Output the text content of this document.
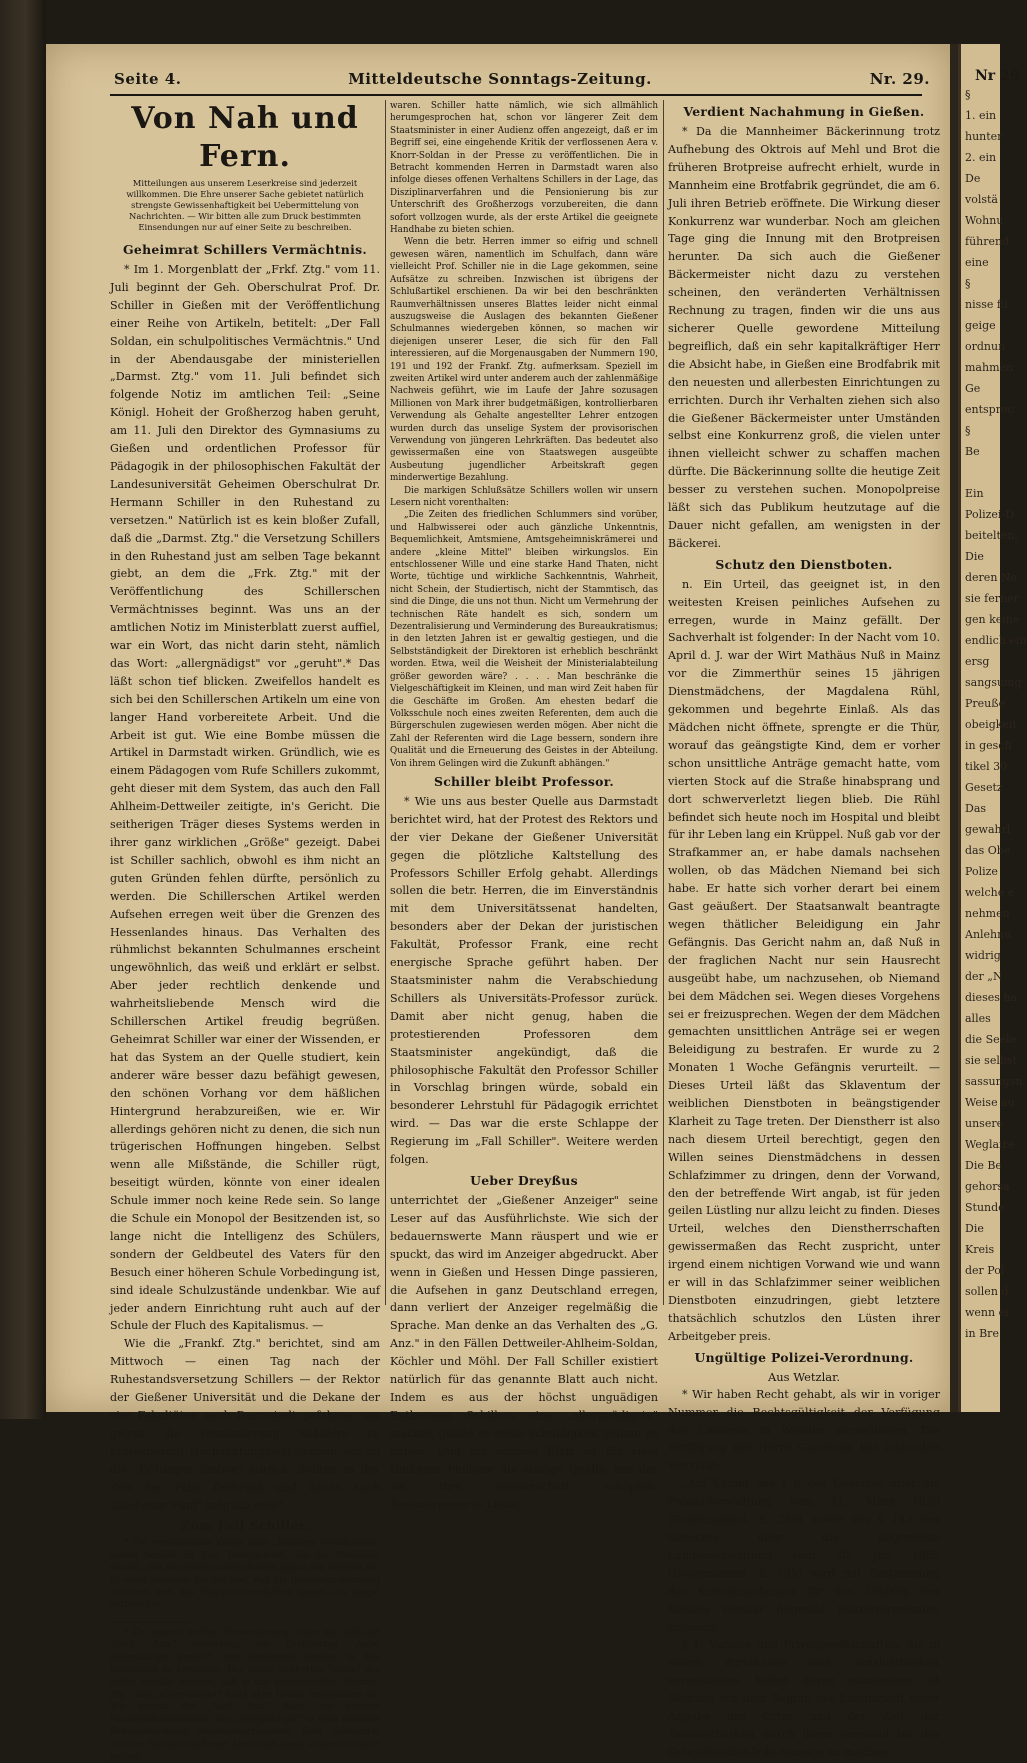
Nr 29
§
1. ein
hunter
2. ein
De
volstä
Wohnu
führend
eine
§
nisse fü
geige
ordnun
mahmen
Ge
entsprec
§
Be

Ein
Polizei-D
beitelten,
Die
deren Ne
sie ferner
gen keine
endlich ein
ersg
sangsumg
Preuße
obeigkeit
in gesch
tikel 30
Gesetz
Das
gewahrl
das Obe
Polize
welche e
nehmen
Anlehnu
widrig
der „N
dieses ha
alles
die Seele
sie selbst
sassungsn
Weise au
unsere
Weglaire
Die Be
gehorsa
Stunde
Die
Kreis
der Pol
sollen d
wenn ei
in Bre
Seite 4.	Mitteldeutsche Sonntags-Zeitung.	Nr. 29.
Von Nah und Fern.
Mitteilungen aus unserem Leserkreise sind jederzeit willkommen. Die Ehre unserer Sache gebietet natürlich strengste Gewissenhaftigkeit bei Uebermittelung von Nachrichten. — Wir bitten alle zum Druck bestimmten Einsendungen nur auf einer Seite zu beschreiben.
Geheimrat Schillers Vermächtnis.

* Im 1. Morgenblatt der „Frkf. Ztg." vom 11. Juli beginnt der Geh. Oberschulrat Prof. Dr. Schiller in Gießen mit der Veröffentlichung einer Reihe von Artikeln, betitelt: „Der Fall Soldan, ein schulpolitisches Vermächtnis." Und in der Abendausgabe der ministeriellen „Darmst. Ztg." vom 11. Juli befindet sich folgende Notiz im amtlichen Teil: „Seine Königl. Hoheit der Großherzog haben geruht, am 11. Juli den Direktor des Gymnasiums zu Gießen und ordentlichen Professor für Pädagogik in der philosophischen Fakultät der Landesuniversität Geheimen Oberschulrat Dr. Hermann Schiller in den Ruhestand zu versetzen." Natürlich ist es kein bloßer Zufall, daß die „Darmst. Ztg." die Versetzung Schillers in den Ruhestand just am selben Tage bekannt giebt, an dem die „Frk. Ztg." mit der Veröffentlichung des Schillerschen Vermächtnisses beginnt. Was uns an der amtlichen Notiz im Ministerblatt zuerst auffiel, war ein Wort, das nicht darin steht, nämlich das Wort: „allergnädigst" vor „geruht".* Das läßt schon tief blicken. Zweifellos handelt es sich bei den Schillerschen Artikeln um eine von langer Hand vorbereitete Arbeit. Und die Arbeit ist gut. Wie eine Bombe müssen die Artikel in Darmstadt wirken. Gründlich, wie es einem Pädagogen vom Rufe Schillers zukommt, geht dieser mit dem System, das auch den Fall Ahlheim-Dettweiler zeitigte, in's Gericht. Die seitherigen Träger dieses Systems werden in ihrer ganz wirklichen „Größe" gezeigt. Dabei ist Schiller sachlich, obwohl es ihm nicht an guten Gründen fehlen dürfte, persönlich zu werden. Die Schillerschen Artikel werden Aufsehen erregen weit über die Grenzen des Hessenlandes hinaus. Das Verhalten des rühmlichst bekannten Schulmannes erscheint ungewöhnlich, das weiß und erklärt er selbst. Aber jeder rechtlich denkende und wahrheitsliebende Mensch wird die Schillerschen Artikel freudig begrüßen. Geheimrat Schiller war einer der Wissenden, er hat das System an der Quelle studiert, kein anderer wäre besser dazu befähigt gewesen, den schönen Vorhang vor dem häßlichen Hintergrund herabzureißen, wie er. Wir allerdings gehören nicht zu denen, die sich nun trügerischen Hoffnungen hingeben. Selbst wenn alle Mißstände, die Schiller rügt, beseitigt würden, könnte von einer idealen Schule immer noch keine Rede sein. So lange die Schule ein Monopol der Besitzenden ist, so lange nicht die Intelligenz des Schülers, sondern der Geldbeutel des Vaters für den Besuch einer höheren Schule Vorbedingung ist, sind ideale Schulzustände undenkbar. Wie auf jeder andern Einrichtung ruht auch auf der Schule der Fluch des Kapitalismus. —

Wie die „Frankf. Ztg." berichtet, sind am Mittwoch — einen Tag nach der Ruhestandsversetzung Schillers — der Rektor der Gießener Universität und die Dekane der vier Fakultäten nach Darmstadt gefahren, um gegen die Pensionierung Schillers zu protestieren! Hochachtungsvoll denken wir an die „Göttinger Sieben" zurück. Sollten in der Zeit der Fälle Delbrück und Arons auch „Gießener Fünf" möglich sein?

Zum Fall Schiller.

* Die vorstehenden Zeilen über „Schillers Vermächtnis" waren bereits im Satz fertiggestellt, als die Neuigkeit eintraf, daß das Disziplinarverfahren gegen ihn eröffnet ist. Es steht nunmehr für uns fest, daß die Inruhestandsetzung Schillers und das Disziplinarverfahren gegen ihn längst vorbereitet

* Zu unserer großen Verwunderung sehen wir, daß der „Gieß. Anz." berichtete, der Großherzog „habe allergnädigst geruht", den Geheimrat Schiller in den Ruhestand zu versetzen. Der ganze seitherige Verlauf des Falles Schiller beweist, daß in der ministeriellen „Darmst. Ztg." das „allergnädigst" nicht ohne Grund fortgelassen ist. Wie kommt der „Gieß. Anz." dazu, aus eigener Machtvollkommenheit das „allergnädigst" in eine offizielle Bekanntmachung hineinzukorrigieren? Dem Geheimrat Schiller hat das Gießener Amtsblatt damit keinen Gefallen gethan.

waren. Schiller hatte nämlich, wie sich allmählich herumgesprochen hat, schon vor längerer Zeit dem Staatsminister in einer Audienz offen angezeigt, daß er im Begriff sei, eine eingehende Kritik der verflossenen Aera v. Knorr-Soldan in der Presse zu veröffentlichen. Die in Betracht kommenden Herren in Darmstadt waren also infolge dieses offenen Verhaltens Schillers in der Lage, das Disziplinarverfahren und die Pensionierung bis zur Unterschrift des Großherzogs vorzubereiten, die dann sofort vollzogen wurde, als der erste Artikel die geeignete Handhabe zu bieten schien.

Wenn die betr. Herren immer so eifrig und schnell gewesen wären, namentlich im Schulfach, dann wäre vielleicht Prof. Schiller nie in die Lage gekommen, seine Aufsätze zu schreiben. Inzwischen ist übrigens der Schlußartikel erschienen. Da wir bei den beschränkten Raumverhältnissen unseres Blattes leider nicht einmal auszugsweise die Auslagen des bekannten Gießener Schulmannes wiedergeben können, so machen wir diejenigen unserer Leser, die sich für den Fall interessieren, auf die Morgenausgaben der Nummern 190, 191 und 192 der Frankf. Ztg. aufmerksam. Speziell im zweiten Artikel wird unter anderem auch der zahlenmäßige Nachweis geführt, wie im Laufe der Jahre sozusagen Millionen von Mark ihrer budgetmäßigen, kontrollierbaren Verwendung als Gehalte angestellter Lehrer entzogen wurden durch das unselige System der provisorischen Verwendung von jüngeren Lehrkräften. Das bedeutet also gewissermaßen eine von Staatswegen ausgeübte Ausbeutung jugendlicher Arbeitskraft gegen minderwertige Bezahlung.

Die markigen Schlußsätze Schillers wollen wir unsern Lesern nicht vorenthalten:

„Die Zeiten des friedlichen Schlummers sind vorüber, und Halbwisserei oder auch gänzliche Unkenntnis, Bequemlichkeit, Amtsmiene, Amtsgeheimniskrämerei und andere „kleine Mittel" bleiben wirkungslos. Ein entschlossener Wille und eine starke Hand Thaten, nicht Worte, tüchtige und wirkliche Sachkenntnis, Wahrheit, nicht Schein, der Studiertisch, nicht der Stammtisch, das sind die Dinge, die uns not thun. Nicht um Vermehrung der technischen Räte handelt es sich, sondern um Dezentralisierung und Verminderung des Bureaukratismus; in den letzten Jahren ist er gewaltig gestiegen, und die Selbstständigkeit der Direktoren ist erheblich beschränkt worden. Etwa, weil die Weisheit der Ministerialabteilung größer geworden wäre? . . . . Man beschränke die Vielgeschäftigkeit im Kleinen, und man wird Zeit haben für die Geschäfte im Großen. Am ehesten bedarf die Volksschule noch eines zweiten Referenten, dem auch die Bürgerschulen zugewiesen werden mögen. Aber nicht die Zahl der Referenten wird die Lage bessern, sondern ihre Qualität und die Erneuerung des Geistes in der Abteilung. Von ihrem Gelingen wird die Zukunft abhängen."

Schiller bleibt Professor.

* Wie uns aus bester Quelle aus Darmstadt berichtet wird, hat der Protest des Rektors und der vier Dekane der Gießener Universität gegen die plötzliche Kaltstellung des Professors Schiller Erfolg gehabt. Allerdings sollen die betr. Herren, die im Einverständnis mit dem Universitätssenat handelten, besonders aber der Dekan der juristischen Fakultät, Professor Frank, eine recht energische Sprache geführt haben. Der Staatsminister nahm die Verabschiedung Schillers als Universitäts-Professor zurück. Damit aber nicht genug, haben die protestierenden Professoren dem Staatsminister angekündigt, daß die philosophische Fakultät den Professor Schiller in Vorschlag bringen würde, sobald ein besonderer Lehrstuhl für Pädagogik errichtet wird. — Das war die erste Schlappe der Regierung im „Fall Schiller". Weitere werden folgen.

Ueber Dreyßus

unterrichtet der „Gießener Anzeiger" seine Leser auf das Ausführlichste. Wie sich der bedauernswerte Mann räuspert und wie er spuckt, das wird im Anzeiger abgedruckt. Aber wenn in Gießen und Hessen Dinge passieren, die Aufsehen in ganz Deutschland erregen, dann verliert der Anzeiger regelmäßig die Sprache. Man denke an das Verhalten des „G. Anz." in den Fällen Dettweiler-Ahlheim-Soldan, Köchler und Möhl. Der Fall Schiller existiert natürlich für das genannte Blatt auch nicht. Indem es aus der höchst unguädigen Entlassung Schillers eine „allergnädigste" machte, glaubt es seine Schuldigkeit gethan zu haben. Und ein solches Blatt ist für viele Gießener Philister die einzige Quelle, aus der sie ihre Wissenschaft schöpfen. Bedauernswerte Leute.

Verdient Nachahmung in Gießen.

* Da die Mannheimer Bäckerinnung trotz Aufhebung des Oktrois auf Mehl und Brot die früheren Brotpreise aufrecht erhielt, wurde in Mannheim eine Brotfabrik gegründet, die am 6. Juli ihren Betrieb eröffnete. Die Wirkung dieser Konkurrenz war wunderbar. Noch am gleichen Tage ging die Innung mit den Brotpreisen herunter. Da sich auch die Gießener Bäckermeister nicht dazu zu verstehen scheinen, den veränderten Verhältnissen Rechnung zu tragen, finden wir die uns aus sicherer Quelle gewordene Mitteilung begreiflich, daß ein sehr kapitalkräftiger Herr die Absicht habe, in Gießen eine Brodfabrik mit den neuesten und allerbesten Einrichtungen zu errichten. Durch ihr Verhalten ziehen sich also die Gießener Bäckermeister unter Umständen selbst eine Konkurrenz groß, die vielen unter ihnen vielleicht schwer zu schaffen machen dürfte. Die Bäckerinnung sollte die heutige Zeit besser zu verstehen suchen. Monopolpreise läßt sich das Publikum heutzutage auf die Dauer nicht gefallen, am wenigsten in der Bäckerei.

Schutz den Dienstboten.

n. Ein Urteil, das geeignet ist, in den weitesten Kreisen peinliches Aufsehen zu erregen, wurde in Mainz gefällt. Der Sachverhalt ist folgender: In der Nacht vom 10. April d. J. war der Wirt Mathäus Nuß in Mainz vor die Zimmerthür seines 15 jährigen Dienstmädchens, der Magdalena Rühl, gekommen und begehrte Einlaß. Als das Mädchen nicht öffnete, sprengte er die Thür, worauf das geängstigte Kind, dem er vorher schon unsittliche Anträge gemacht hatte, vom vierten Stock auf die Straße hinabsprang und dort schwerverletzt liegen blieb. Die Rühl befindet sich heute noch im Hospital und bleibt für ihr Leben lang ein Krüppel. Nuß gab vor der Strafkammer an, er habe damals nachsehen wollen, ob das Mädchen Niemand bei sich habe. Er hatte sich vorher derart bei einem Gast geäußert. Der Staatsanwalt beantragte wegen thätlicher Beleidigung ein Jahr Gefängnis. Das Gericht nahm an, daß Nuß in der fraglichen Nacht nur sein Hausrecht ausgeübt habe, um nachzusehen, ob Niemand bei dem Mädchen sei. Wegen dieses Vorgehens sei er freizusprechen. Wegen der dem Mädchen gemachten unsittlichen Anträge sei er wegen Beleidigung zu bestrafen. Er wurde zu 2 Monaten 1 Woche Gefängnis verurteilt. — Dieses Urteil läßt das Sklaventum der weiblichen Dienstboten in beängstigender Klarheit zu Tage treten. Der Dienstherr ist also nach diesem Urteil berechtigt, gegen den Willen seines Dienstmädchens in dessen Schlafzimmer zu dringen, denn der Vorwand, den der betreffende Wirt angab, ist für jeden geilen Lüstling nur allzu leicht zu finden. Dieses Urteil, welches den Dienstherrschaften gewissermaßen das Recht zuspricht, unter irgend einem nichtigen Vorwand wie und wann er will in das Schlafzimmer seiner weiblichen Dienstboten einzudringen, giebt letztere thatsächlich schutzlos den Lüsten ihrer Arbeitgeber preis.

Ungültige Polizei-Verordnung.
Aus Wetzlar.

* Wir haben Recht gehabt, als wir in voriger Nummer die Rechtsgültigkeit der Verfügung des Landrats in Wetzlar anzweifelten. Die Verfügung des Herrn Goedecke hat folgenden Wortlaut:

„Auf Grund des § 6 des Gesetzes über die Polizei-Verwaltung vom 11. März 1850 (Gesetzsamml. S. 265) sowie des § 142 des Gesetzes über die allgemeine Landesverwaltung vom 30. Juli 1883 (Gesetzsamml. S. 195) wird mit Zustimmung des Kreisausschusses für den Umfang des Kreises Wetzlar folgende Polizeiverordnung erlassen:

§ 1. Vereine und Privatgesellschaften, die in einem Wirtshause eine Tanzlustbarkeit veranstalten, haben davon mindestens 24 Stunden vor dem Beginn der Lustbarkeit unter Angabe des Ortes und der Zeit der Tanzlustbarkeit durch ihren Vorstand bei der Ortspolizeibehörde Anzeige zu machen.
